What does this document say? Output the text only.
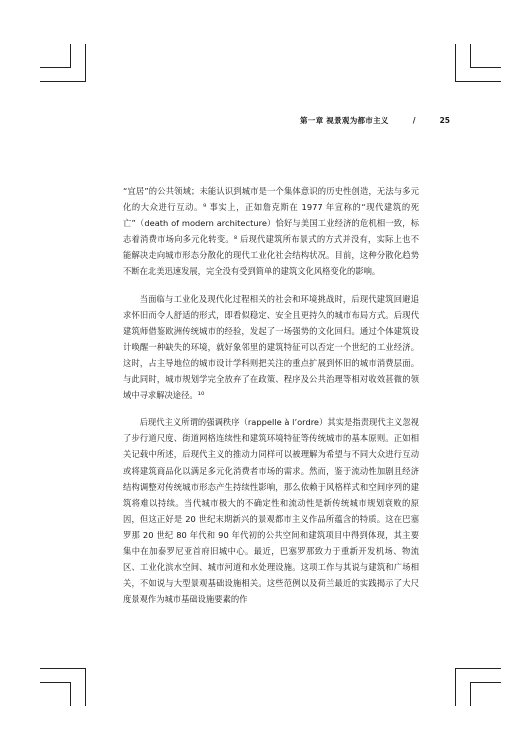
第一章 视景观为都市主义	/	25

“宜居”的公共领域；未能认识到城市是一个集体意识的历史性创造，无法与多元化的大众进行互动。⁹ 事实上，正如詹克斯在 1977 年宣称的“现代建筑的死亡”（death of modern architecture）恰好与美国工业经济的危机相一致，标志着消费市场向多元化转变。⁸ 后现代建筑所布景式的方式并没有，实际上也不能解决走向城市形态分散化的现代工业化社会结构状况。目前，这种分散化趋势不断在北美迅速发展，完全没有受到简单的建筑文化风格变化的影响。

当面临与工业化及现代化过程相关的社会和环境挑战时，后现代建筑回避追求怀旧而令人舒适的形式，即看似稳定、安全且更持久的城市布局方式。后现代建筑师借鉴欧洲传统城市的经验，发起了一场强势的文化回归。通过个体建筑设计唤醒一种缺失的环境，就好象邻里的建筑特征可以否定一个世纪的工业经济。这时，占主导地位的城市设计学科则把关注的重点扩展到怀旧的城市消费层面。与此同时，城市规划学完全放弃了在政策、程序及公共治理等相对收效甚微的领域中寻求解决途径。¹⁰

后现代主义所谓的强调秩序（rappelle à l’ordre）其实是指责现代主义忽视了步行道尺度、街道网格连续性和建筑环境特征等传统城市的基本原则。正如相关记载中所述，后现代主义的推动力同样可以被理解为希望与不同大众进行互动或将建筑商品化以满足多元化消费者市场的需求。然而，鉴于流动性加剧且经济结构调整对传统城市形态产生持续性影响，那么依赖于风格样式和空间序列的建筑将难以持续。当代城市极大的不确定性和流动性是新传统城市规划衰败的原因，但这正好是 20 世纪末期新兴的景观都市主义作品所蕴含的特质。这在巴塞罗那 20 世纪 80 年代和 90 年代初的公共空间和建筑项目中得到体现，其主要集中在加泰罗尼亚首府旧城中心。最近，巴塞罗那致力于重新开发机场、物流区、工业化滨水空间、城市河道和水处理设施。这项工作与其说与建筑和广场相关，不如说与大型景观基础设施相关。这些范例以及荷兰最近的实践揭示了大尺度景观作为城市基础设施要素的作
